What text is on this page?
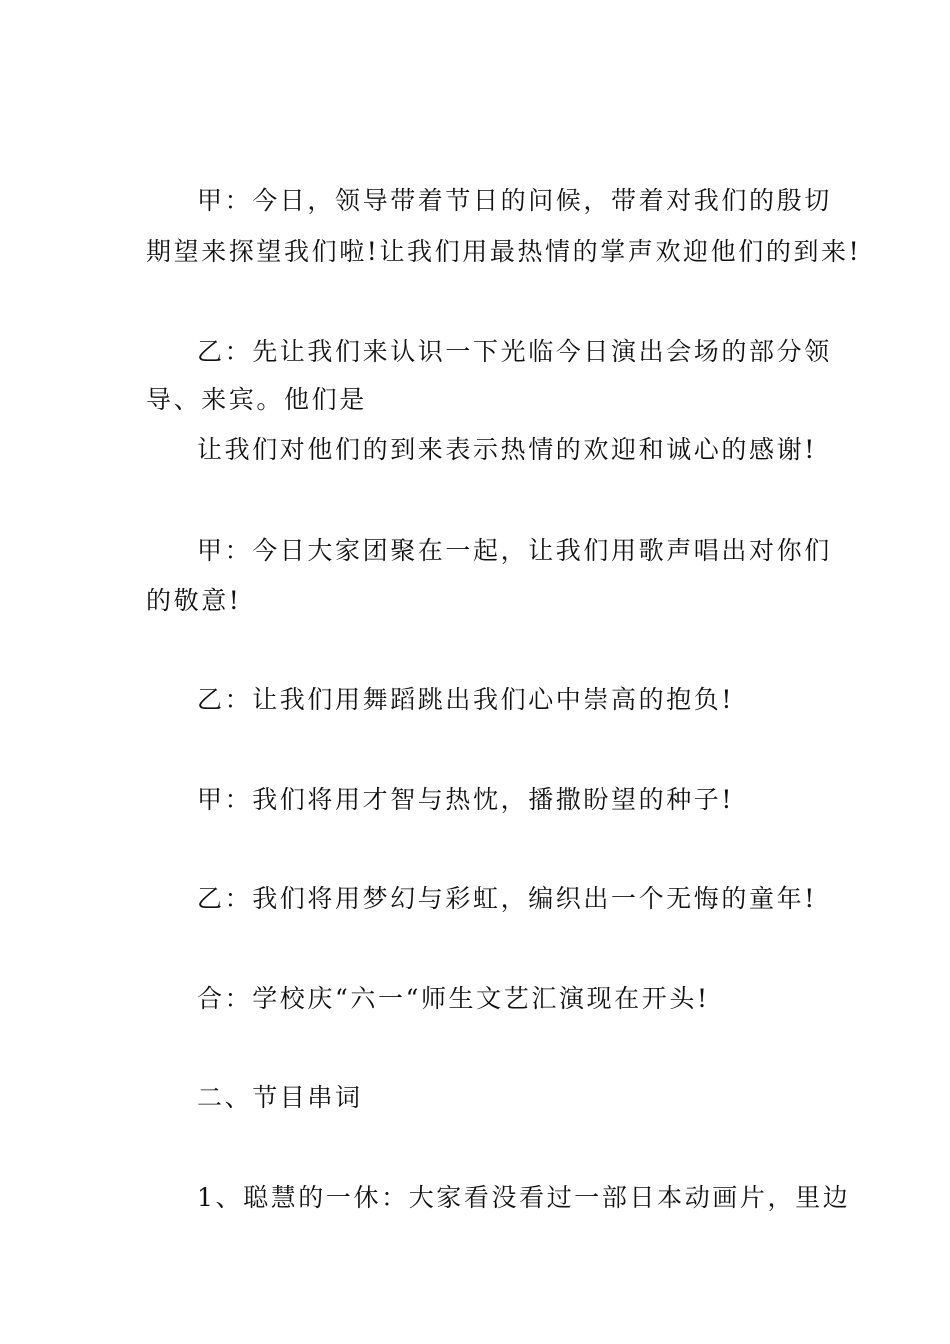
甲：今日，领导带着节日的问候，带着对我们的殷切
期望来探望我们啦!让我们用最热情的掌声欢迎他们的到来!
乙：先让我们来认识一下光临今日演出会场的部分领
导、来宾。他们是
让我们对他们的到来表示热情的欢迎和诚心的感谢!
甲：今日大家团聚在一起，让我们用歌声唱出对你们
的敬意!
乙：让我们用舞蹈跳出我们心中崇高的抱负!
甲：我们将用才智与热忱，播撒盼望的种子!
乙：我们将用梦幻与彩虹，编织出一个无悔的童年!
合：学校庆“六一“师生文艺汇演现在开头!
二、节目串词
1、聪慧的一休：大家看没看过一部日本动画片，里边
